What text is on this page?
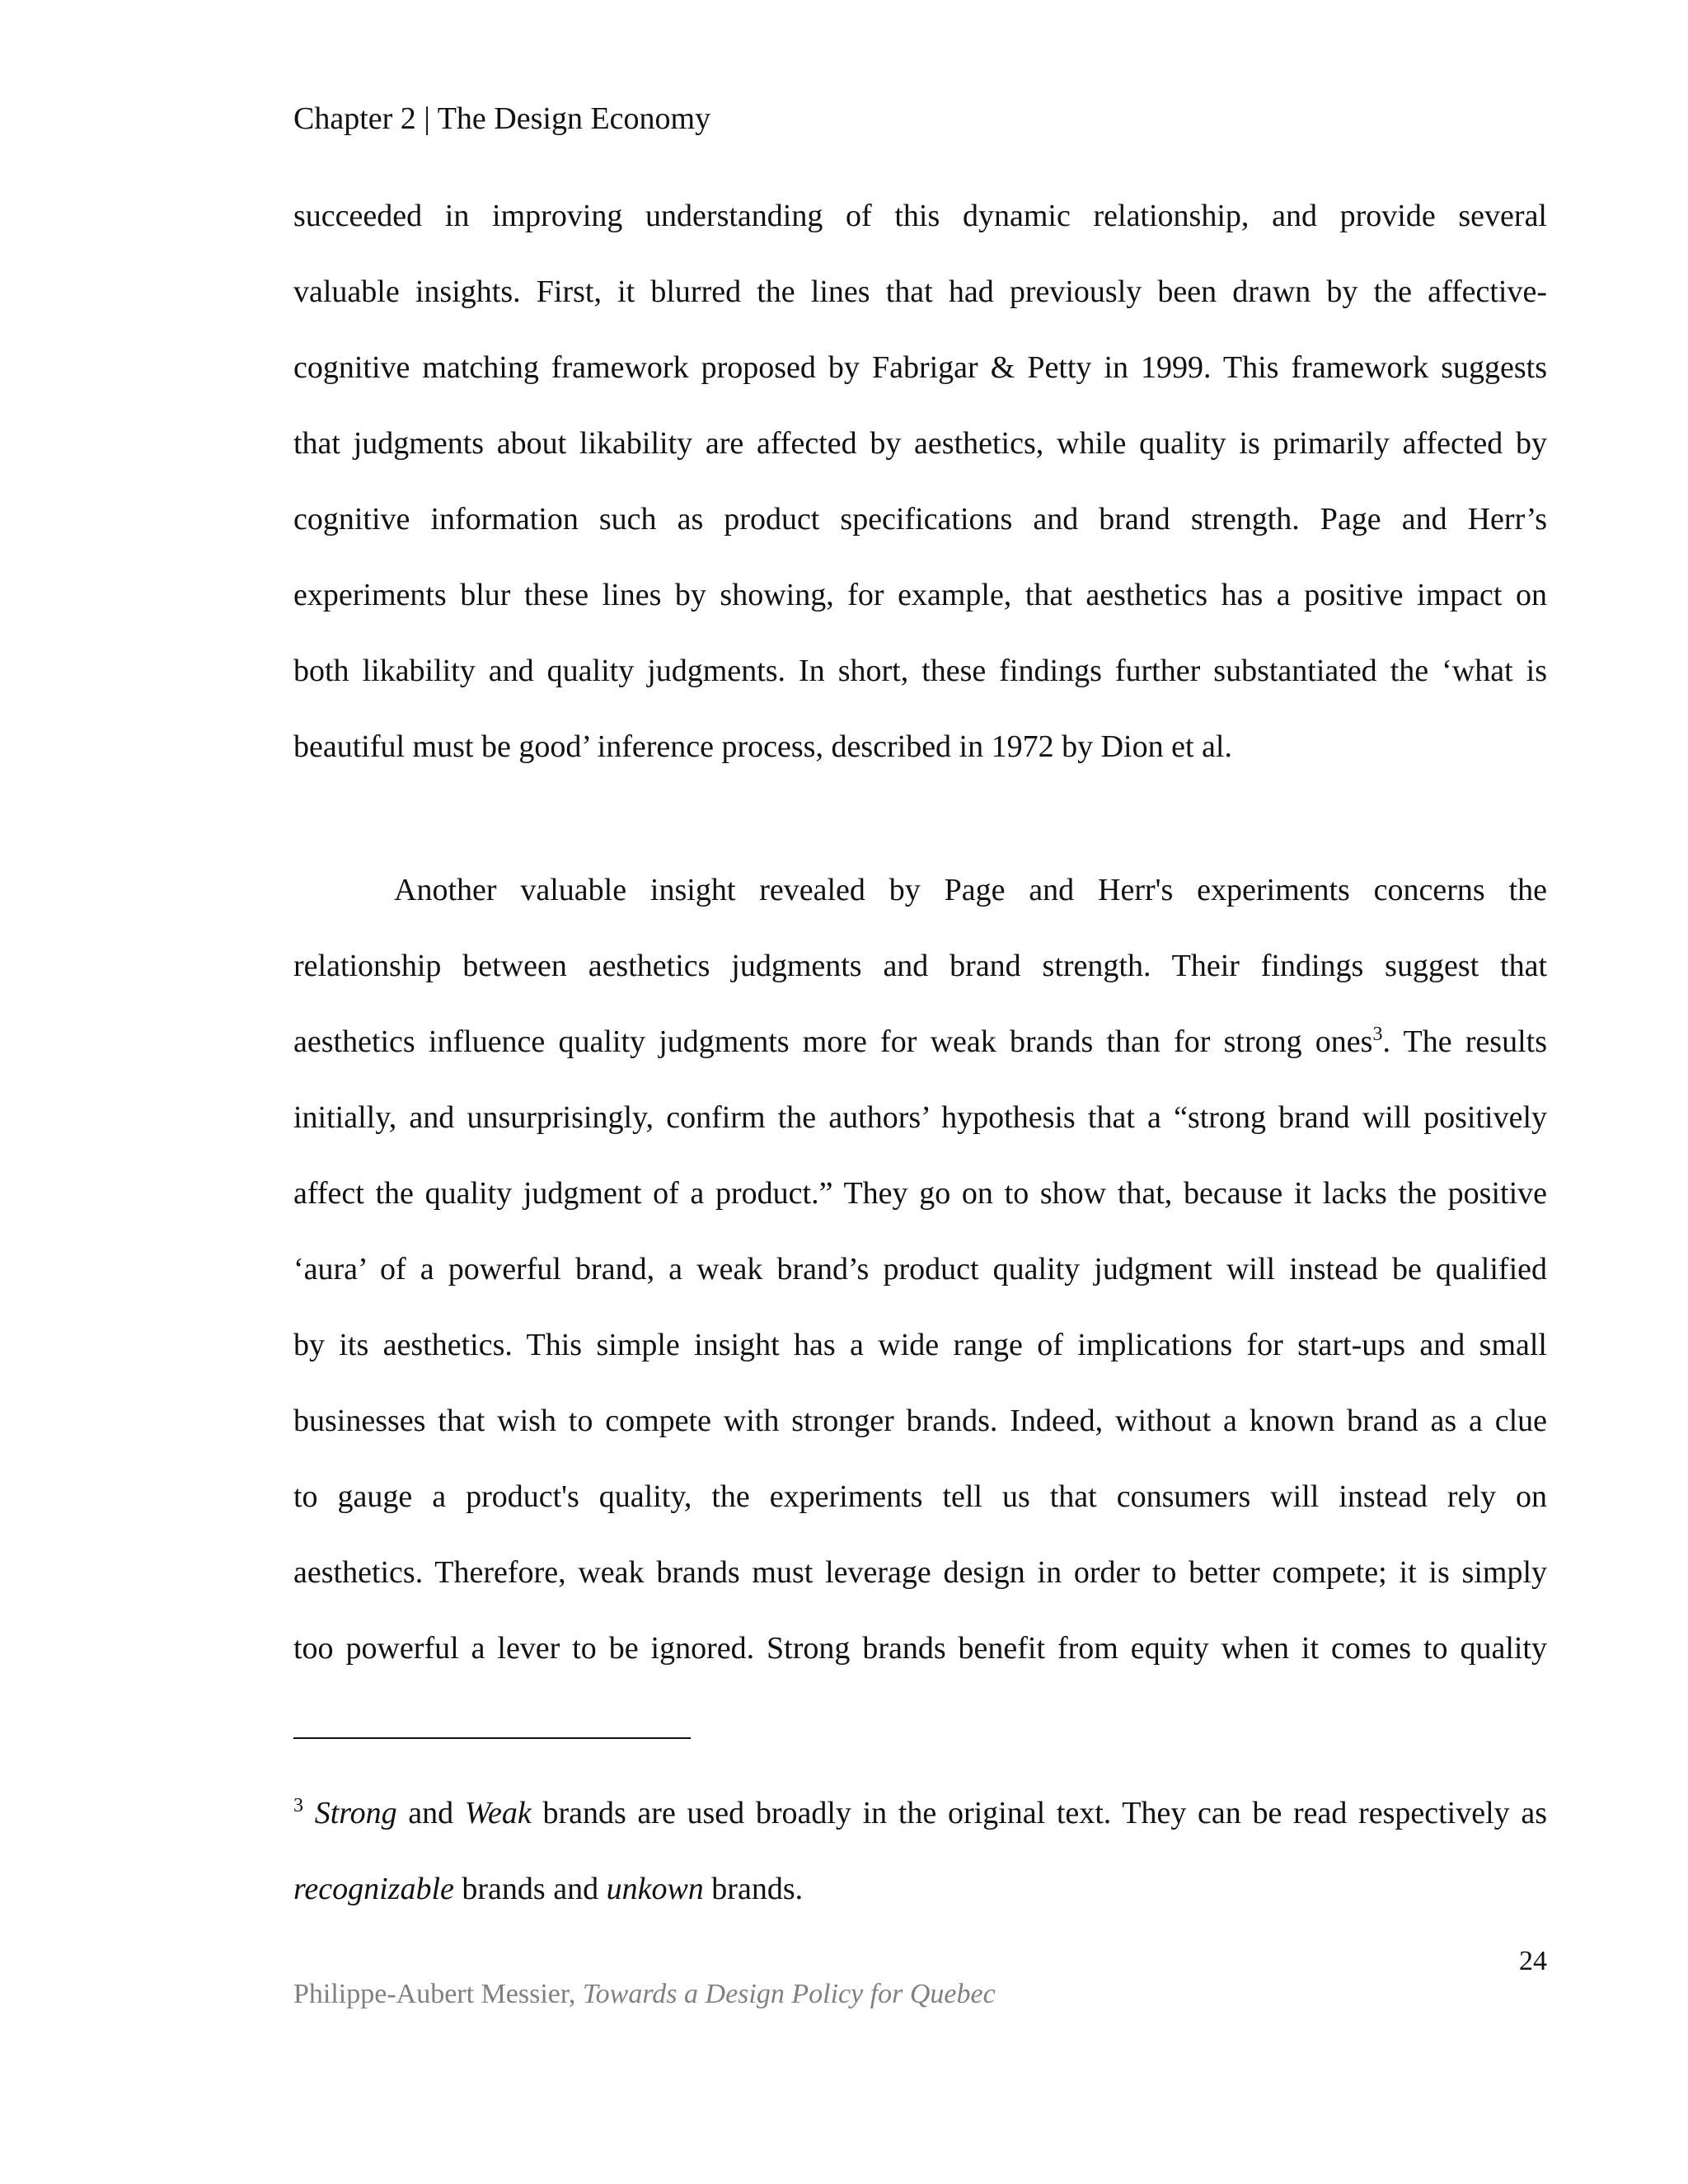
Chapter 2 | The Design Economy
succeeded in improving understanding of this dynamic relationship, and provide several
valuable insights. First, it blurred the lines that had previously been drawn by the affective-
cognitive matching framework proposed by Fabrigar & Petty in 1999. This framework suggests
that judgments about likability are affected by aesthetics, while quality is primarily affected by
cognitive information such as product specifications and brand strength. Page and Herr’s
experiments blur these lines by showing, for example, that aesthetics has a positive impact on
both likability and quality judgments. In short, these findings further substantiated the ‘what is
beautiful must be good’ inference process, described in 1972 by Dion et al.
Another valuable insight revealed by Page and Herr's experiments concerns the
relationship between aesthetics judgments and brand strength. Their findings suggest that
aesthetics influence quality judgments more for weak brands than for strong ones$^3$. The results
initially, and unsurprisingly, confirm the authors’ hypothesis that a “strong brand will positively
affect the quality judgment of a product.” They go on to show that, because it lacks the positive
‘aura’ of a powerful brand, a weak brand’s product quality judgment will instead be qualified
by its aesthetics. This simple insight has a wide range of implications for start-ups and small
businesses that wish to compete with stronger brands. Indeed, without a known brand as a clue
to gauge a product's quality, the experiments tell us that consumers will instead rely on
aesthetics. Therefore, weak brands must leverage design in order to better compete; it is simply
too powerful a lever to be ignored. Strong brands benefit from equity when it comes to quality
$^3$ Strong and Weak brands are used broadly in the original text. They can be read respectively as
recognizable brands and unkown brands.
24
Philippe-Aubert Messier, Towards a Design Policy for Quebec
